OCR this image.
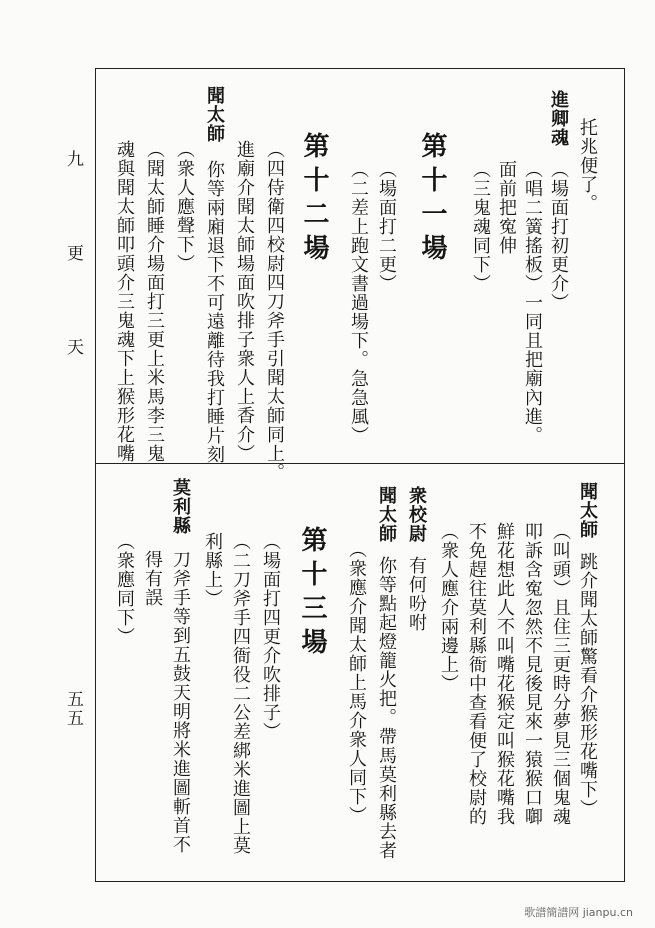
九　更　天
五五
托兆便了。
進卿魂
（場面打初更介）
（唱二簧搖板）一同且把廟內進。
面前把寃伸
（三鬼魂同下）
第十一場
（場面打二更）
（二差上跑文書過場下。急急風）
第十二場
（四侍衛四校尉四刀斧手引聞太師同上。
進廟介聞太師場面吹排子衆人上香介）
聞太師
你等兩廂退下不可遠離待我打睡片刻
（衆人應聲下）
（聞太師睡介場面打三更上米馬李三鬼
魂與聞太師叩頭介三鬼魂下上猴形花嘴
聞太師
跳介聞太師驚看介猴形花嘴下）
（叫頭）且住三更時分夢見三個鬼魂
叩訴含寃忽然不見後見來一猿猴口啣
鮮花想此人不叫嘴花猴定叫猴花嘴我
不免趕往莫利縣衙中查看便了校尉的
（衆人應介兩邊上）
衆校尉
有何吩咐
聞太師
你等點起燈籠火把。帶馬莫利縣去者
（衆應介聞太師上馬介衆人同下）
第十三場
（場面打四更介吹排子）
（二刀斧手四衙役二公差綁米進圖上莫
利縣上）
莫利縣
刀斧手等到五鼓天明將米進圖斬首不
得有誤
（衆應同下）
歌譜簡譜网 jianpu.cn
